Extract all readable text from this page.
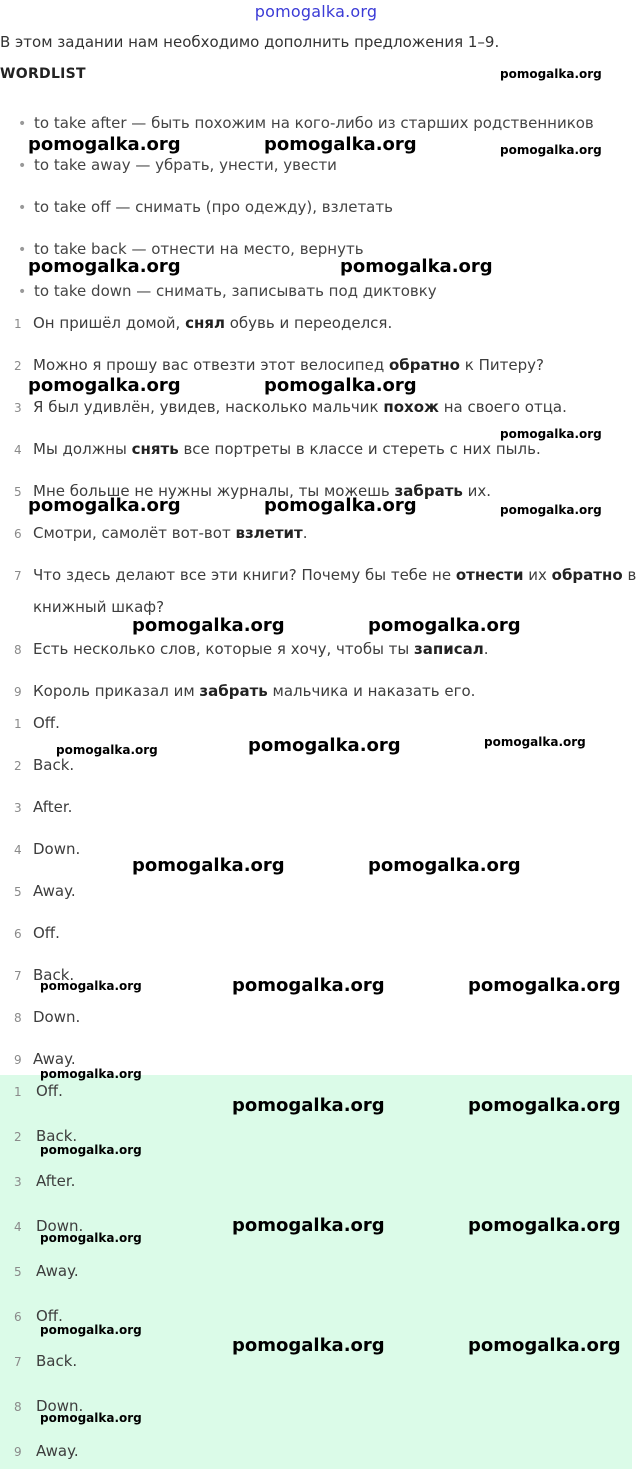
pomogalka.org
В этом задании нам необходимо дополнить предложения 1–9.
WORDLIST
• to take after — быть похожим на кого-либо из старших родственников
• to take away — убрать, унести, увести
• to take off — снимать (про одежду), взлетать
• to take back — отнести на место, вернуть
• to take down — снимать, записывать под диктовку
1 Он пришёл домой, снял обувь и переоделся.
2 Можно я прошу вас отвезти этот велосипед обратно к Питеру?
3 Я был удивлён, увидев, насколько мальчик похож на своего отца.
4 Мы должны снять все портреты в классе и стереть с них пыль.
5 Мне больше не нужны журналы, ты можешь забрать их.
6 Смотри, самолёт вот-вот взлетит.
7 Что здесь делают все эти книги? Почему бы тебе не отнести их обратно в
книжный шкаф?
8 Есть несколько слов, которые я хочу, чтобы ты записал.
9 Король приказал им забрать мальчика и наказать его.
1 Off.
2 Back.
3 After.
4 Down.
5 Away.
6 Off.
7 Back.
8 Down.
9 Away.
1 Off.
2 Back.
3 After.
4 Down.
5 Away.
6 Off.
7 Back.
8 Down.
9 Away.
pomogalka.org	pomogalka.org	pomogalka.org
pomogalka.org	pomogalka.org
pomogalka.org	pomogalka.org
pomogalka.org
pomogalka.org	pomogalka.org	pomogalka.org
pomogalka.org	pomogalka.org
pomogalka.org	pomogalka.org	pomogalka.org
pomogalka.org	pomogalka.org
pomogalka.org	pomogalka.org	pomogalka.org
pomogalka.org
pomogalka.org	pomogalka.org
pomogalka.org
pomogalka.org
pomogalka.org	pomogalka.org
pomogalka.org
pomogalka.org	pomogalka.org
pomogalka.org
pomogalka.org
